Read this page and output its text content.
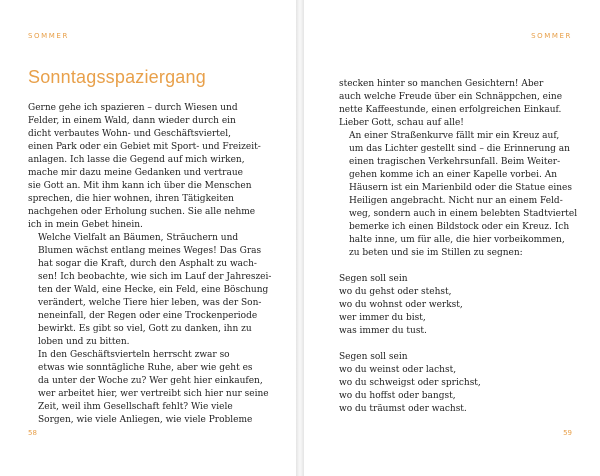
SOMMER
Sonntagsspaziergang

Gerne gehe ich spazieren – durch Wiesen und
Felder, in einem Wald, dann wieder durch ein
dicht verbautes Wohn- und Geschäftsviertel,
einen Park oder ein Gebiet mit Sport- und Freizeit-
anlagen. Ich lasse die Gegend auf mich wirken,
mache mir dazu meine Gedanken und vertraue
sie Gott an. Mit ihm kann ich über die Menschen
sprechen, die hier wohnen, ihren Tätigkeiten
nachgehen oder Erholung suchen. Sie alle nehme
ich in mein Gebet hinein.

Welche Vielfalt an Bäumen, Sträuchern und
Blumen wächst entlang meines Weges! Das Gras
hat sogar die Kraft, durch den Asphalt zu wach-
sen! Ich beobachte, wie sich im Lauf der Jahreszei-
ten der Wald, eine Hecke, ein Feld, eine Böschung
verändert, welche Tiere hier leben, was der Son-
neneinfall, der Regen oder eine Trockenperiode
bewirkt. Es gibt so viel, Gott zu danken, ihn zu
loben und zu bitten.

In den Geschäftsvierteln herrscht zwar so
etwas wie sonntägliche Ruhe, aber wie geht es
da unter der Woche zu? Wer geht hier einkaufen,
wer arbeitet hier, wer vertreibt sich hier nur seine
Zeit, weil ihm Gesellschaft fehlt? Wie viele
Sorgen, wie viele Anliegen, wie viele Probleme

58
SOMMER

stecken hinter so manchen Gesichtern! Aber
auch welche Freude über ein Schnäppchen, eine
nette Kaffeestunde, einen erfolgreichen Einkauf.
Lieber Gott, schau auf alle!

An einer Straßenkurve fällt mir ein Kreuz auf,
um das Lichter gestellt sind – die Erinnerung an
einen tragischen Verkehrsunfall. Beim Weiter-
gehen komme ich an einer Kapelle vorbei. An
Häusern ist ein Marienbild oder die Statue eines
Heiligen angebracht. Nicht nur an einem Feld-
weg, sondern auch in einem belebten Stadtviertel
bemerke ich einen Bildstock oder ein Kreuz. Ich
halte inne, um für alle, die hier vorbeikommen,
zu beten und sie im Stillen zu segnen:

Segen soll sein
wo du gehst oder stehst,
wo du wohnst oder werkst,
wer immer du bist,
was immer du tust.

Segen soll sein
wo du weinst oder lachst,
wo du schweigst oder sprichst,
wo du hoffst oder bangst,
wo du träumst oder wachst.

59
